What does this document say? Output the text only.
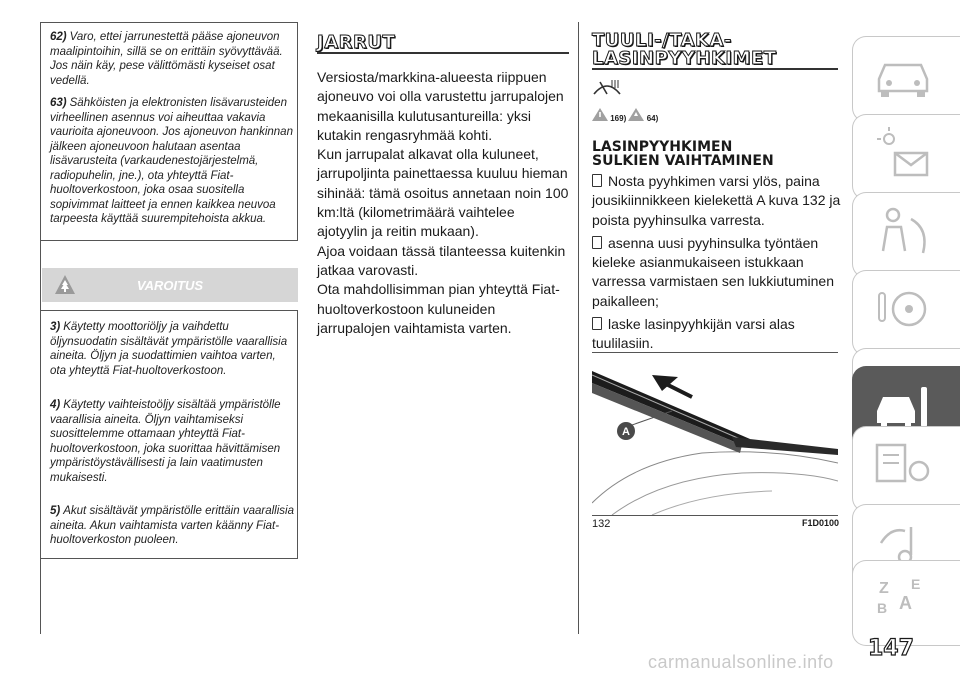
62) Varo, ettei jarrunestettä pääse ajoneuvon maalipintoihin, sillä se on erittäin syövyttävää. Jos näin käy, pese välittömästi kyseiset osat vedellä.
63) Sähköisten ja elektronisten lisävarusteiden virheellinen asennus voi aiheuttaa vakavia vaurioita ajoneuvoon. Jos ajoneuvon hankinnan jälkeen ajoneuvoon halutaan asentaa lisävarusteita (varkaudenestojärjestelmä, radiopuhelin, jne.), ota yhteyttä Fiat-huoltoverkostoon, joka osaa suositella sopivimmat laitteet ja ennen kaikkea neuvoa tarpeesta käyttää suurempitehoista akkua.
VAROITUS
3) Käytetty moottoriöljy ja vaihdettu öljynsuodatin sisältävät ympäristölle vaarallisia aineita. Öljyn ja suodattimien vaihtoa varten, ota yhteyttä Fiat-huoltoverkostoon.
4) Käytetty vaihteistoöljy sisältää ympäristölle vaarallisia aineita. Öljyn vaihtamiseksi suosittelemme ottamaan yhteyttä Fiat-huoltoverkostoon, joka suorittaa hävittämisen ympäristöystävällisesti ja lain vaatimusten mukaisesti.
5) Akut sisältävät ympäristölle erittäin vaarallisia aineita. Akun vaihtamista varten käänny Fiat-huoltoverkoston puoleen.
JARRUT

Versiosta/markkina-alueesta riippuen ajoneuvo voi olla varustettu jarrupalojen mekaanisilla kulutusantureilla: yksi kutakin rengasryhmää kohti.

Kun jarrupalat alkavat olla kuluneet, jarrupoljinta painettaessa kuuluu hieman sihinää: tämä osoitus annetaan noin 100 km:ltä (kilometrimäärä vaihtelee ajotyylin ja reitin mukaan).

Ajoa voidaan tässä tilanteessa kuitenkin jatkaa varovasti.

Ota mahdollisimman pian yhteyttä Fiat-huoltoverkostoon kuluneiden jarrupalojen vaihtamista varten.

TUULI-/TAKA-
LASINPYYHKIMET
169)	64)
LASINPYYHKIMEN
SULKIEN VAIHTAMINEN

Nosta pyyhkimen varsi ylös, paina jousikiinnikkeen kielekettä A kuva 132 ja poista pyyhinsulka varresta.

asenna uusi pyyhinsulka työntäen kieleke asianmukaiseen istukkaan varressa varmistaen sen lukkiutuminen paikalleen;

laske lasinpyyhkijän varsi alas tuulilasiin.

A
132	F1D0100
Z E
A
B
147
carmanualsonline.info
